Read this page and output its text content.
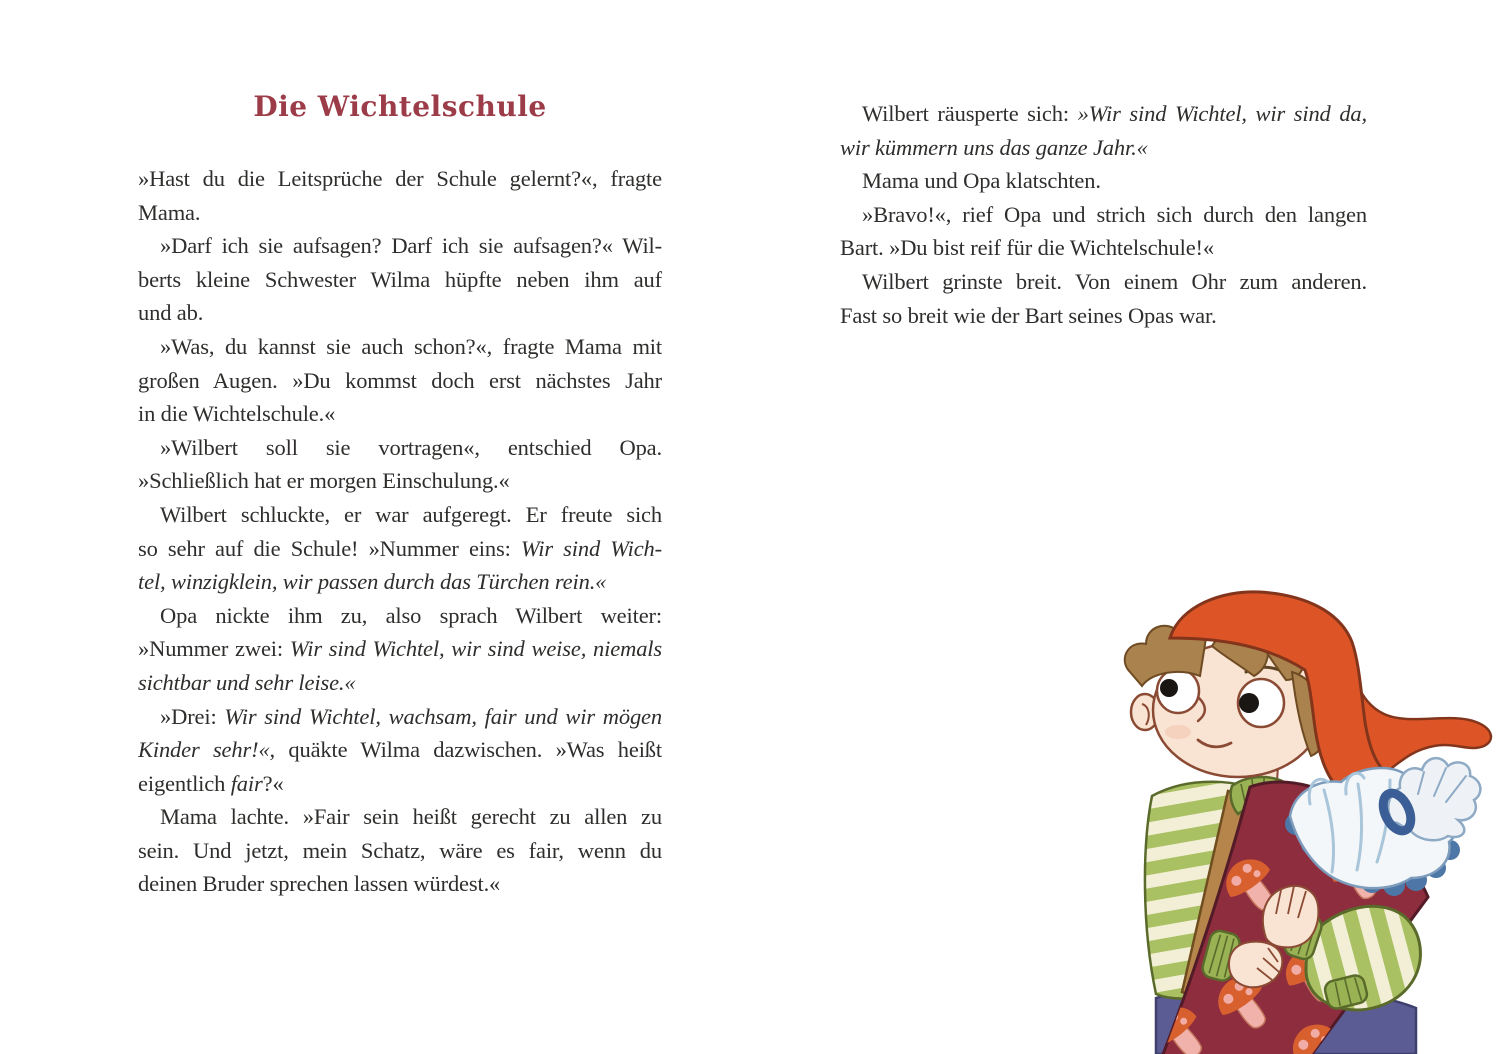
Die Wichtelschule
»Hast du die Leitsprüche der Schule gelernt?«, fragte
Mama.
»Darf ich sie aufsagen? Darf ich sie aufsagen?« Wil-
berts kleine Schwester Wilma hüpfte neben ihm auf
und ab.
»Was, du kannst sie auch schon?«, fragte Mama mit
großen Augen. »Du kommst doch erst nächstes Jahr
in die Wichtelschule.«
»Wilbert soll sie vortragen«, entschied Opa.
»Schließlich hat er morgen Einschulung.«
Wilbert schluckte, er war aufgeregt. Er freute sich
so sehr auf die Schule! »Nummer eins: Wir sind Wich-
tel, winzigklein, wir passen durch das Türchen rein.«
Opa nickte ihm zu, also sprach Wilbert weiter:
»Nummer zwei: Wir sind Wichtel, wir sind weise, niemals
sichtbar und sehr leise.«
»Drei: Wir sind Wichtel, wachsam, fair und wir mögen
Kinder sehr!«, quäkte Wilma dazwischen. »Was heißt
eigentlich fair?«
Mama lachte. »Fair sein heißt gerecht zu allen zu
sein. Und jetzt, mein Schatz, wäre es fair, wenn du
deinen Bruder sprechen lassen würdest.«
Wilbert räusperte sich: »Wir sind Wichtel, wir sind da,
wir kümmern uns das ganze Jahr.«
Mama und Opa klatschten.
»Bravo!«, rief Opa und strich sich durch den langen
Bart. »Du bist reif für die Wichtelschule!«
Wilbert grinste breit. Von einem Ohr zum anderen.
Fast so breit wie der Bart seines Opas war.
